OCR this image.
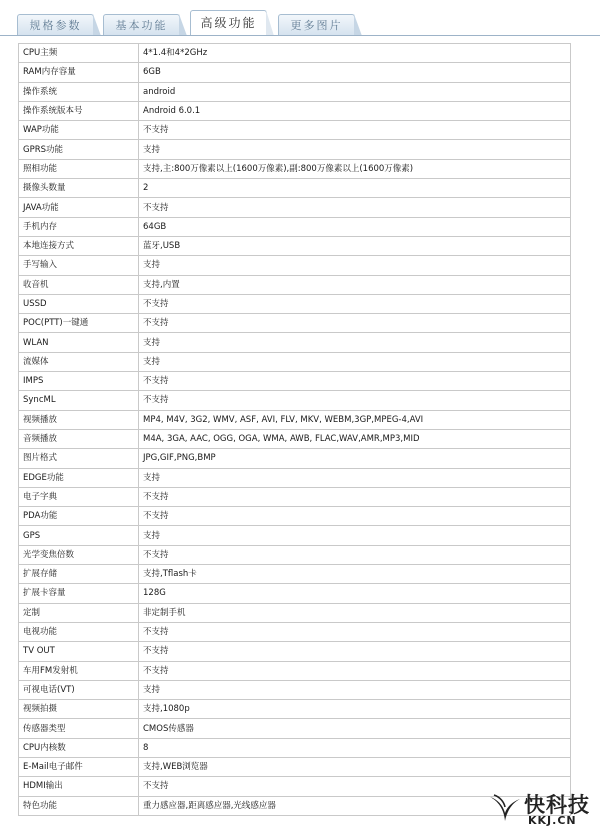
规格参数	基本功能	高级功能	更多图片
CPU主频	4*1.4和4*2GHz
RAM内存容量	6GB
操作系统	android
操作系统版本号	Android 6.0.1
WAP功能	不支持
GPRS功能	支持
照相功能	支持,主:800万像素以上(1600万像素),副:800万像素以上(1600万像素)
摄像头数量	2
JAVA功能	不支持
手机内存	64GB
本地连接方式	蓝牙,USB
手写输入	支持
收音机	支持,内置
USSD	不支持
POC(PTT)一键通	不支持
WLAN	支持
流媒体	支持
IMPS	不支持
SyncML	不支持
视频播放	MP4, M4V, 3G2, WMV, ASF, AVI, FLV, MKV, WEBM,3GP,MPEG-4,AVI
音频播放	M4A, 3GA, AAC, OGG, OGA, WMA, AWB, FLAC,WAV,AMR,MP3,MID
图片格式	JPG,GIF,PNG,BMP
EDGE功能	支持
电子字典	不支持
PDA功能	不支持
GPS	支持
光学变焦倍数	不支持
扩展存储	支持,Tflash卡
扩展卡容量	128G
定制	非定制手机
电视功能	不支持
TV OUT	不支持
车用FM发射机	不支持
可视电话(VT)	支持
视频拍摄	支持,1080p
传感器类型	CMOS传感器
CPU内核数	8
E-Mail电子邮件	支持,WEB浏览器
HDMI输出	不支持
特色功能	重力感应器,距离感应器,光线感应器	快科技
KKJ.CN
